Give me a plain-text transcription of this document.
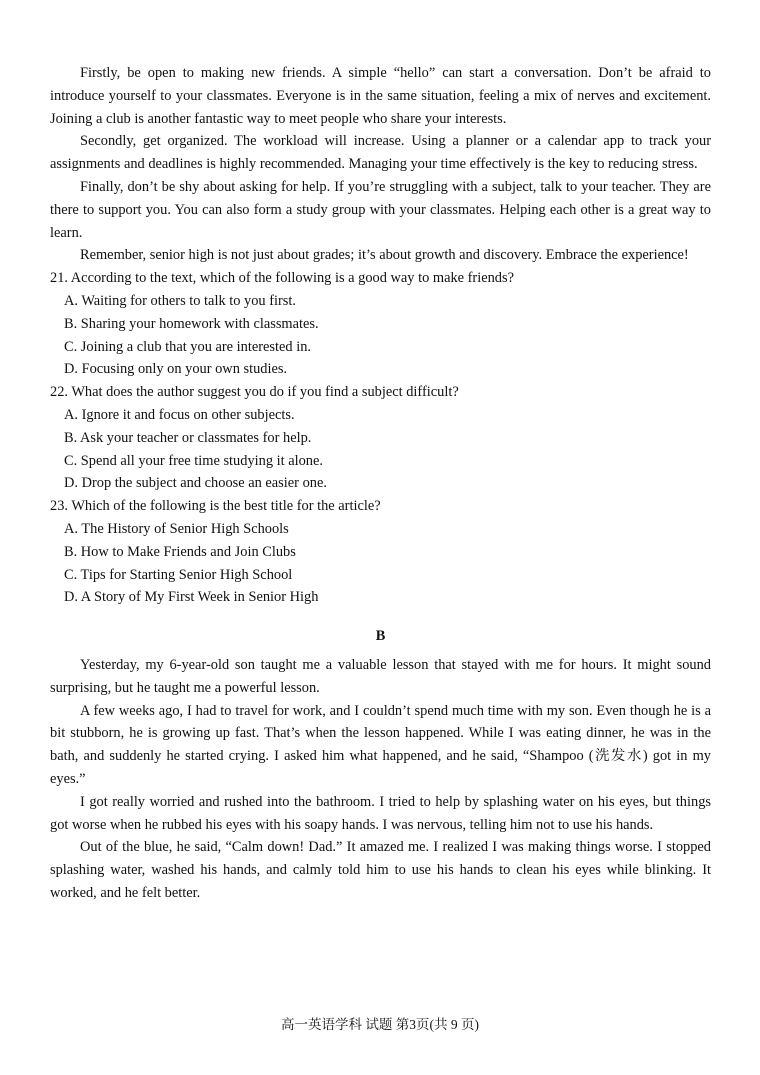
Firstly, be open to making new friends. A simple “hello” can start a conversation. Don’t be afraid to introduce yourself to your classmates. Everyone is in the same situation, feeling a mix of nerves and excitement. Joining a club is another fantastic way to meet people who share your interests.

Secondly, get organized. The workload will increase. Using a planner or a calendar app to track your assignments and deadlines is highly recommended. Managing your time effectively is the key to reducing stress.

Finally, don’t be shy about asking for help. If you’re struggling with a subject, talk to your teacher. They are there to support you. You can also form a study group with your classmates. Helping each other is a great way to learn.

Remember, senior high is not just about grades; it’s about growth and discovery. Embrace the experience!

21. According to the text, which of the following is a good way to make friends?

A. Waiting for others to talk to you first.

B. Sharing your homework with classmates.

C. Joining a club that you are interested in.

D. Focusing only on your own studies.

22. What does the author suggest you do if you find a subject difficult?

A. Ignore it and focus on other subjects.

B. Ask your teacher or classmates for help.

C. Spend all your free time studying it alone.

D. Drop the subject and choose an easier one.

23. Which of the following is the best title for the article?

A. The History of Senior High Schools

B. How to Make Friends and Join Clubs

C. Tips for Starting Senior High School

D. A Story of My First Week in Senior High

B

Yesterday, my 6-year-old son taught me a valuable lesson that stayed with me for hours. It might sound surprising, but he taught me a powerful lesson.

A few weeks ago, I had to travel for work, and I couldn’t spend much time with my son. Even though he is a bit stubborn, he is growing up fast. That’s when the lesson happened. While I was eating dinner, he was in the bath, and suddenly he started crying. I asked him what happened, and he said, “Shampoo (洗发水) got in my eyes.”

I got really worried and rushed into the bathroom. I tried to help by splashing water on his eyes, but things got worse when he rubbed his eyes with his soapy hands. I was nervous, telling him not to use his hands.

Out of the blue, he said, “Calm down! Dad.” It amazed me. I realized I was making things worse. I stopped splashing water, washed his hands, and calmly told him to use his hands to clean his eyes while blinking. It worked, and he felt better.

高一英语学科 试题 第3页(共 9 页)
